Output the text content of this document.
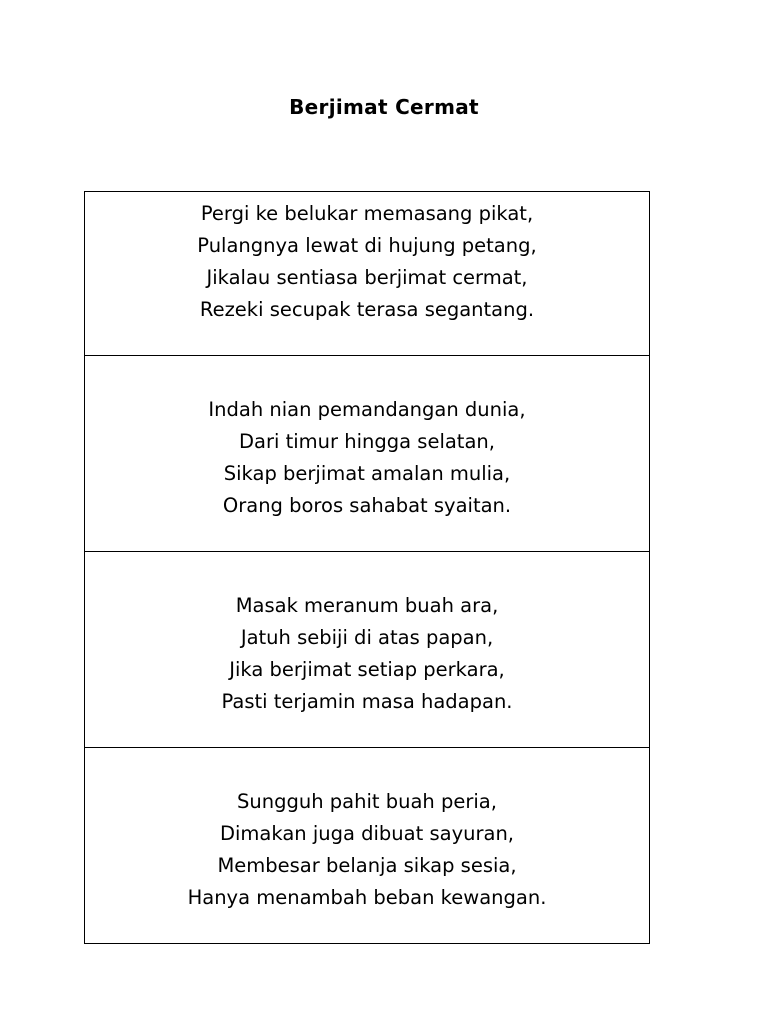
Berjimat Cermat
Pergi ke belukar memasang pikat,
Pulangnya lewat di hujung petang,
Jikalau sentiasa berjimat cermat,
Rezeki secupak terasa segantang.
Indah nian pemandangan dunia,
Dari timur hingga selatan,
Sikap berjimat amalan mulia,
Orang boros sahabat syaitan.
Masak meranum buah ara,
Jatuh sebiji di atas papan,
Jika berjimat setiap perkara,
Pasti terjamin masa hadapan.
Sungguh pahit buah peria,
Dimakan juga dibuat sayuran,
Membesar belanja sikap sesia,
Hanya menambah beban kewangan.
